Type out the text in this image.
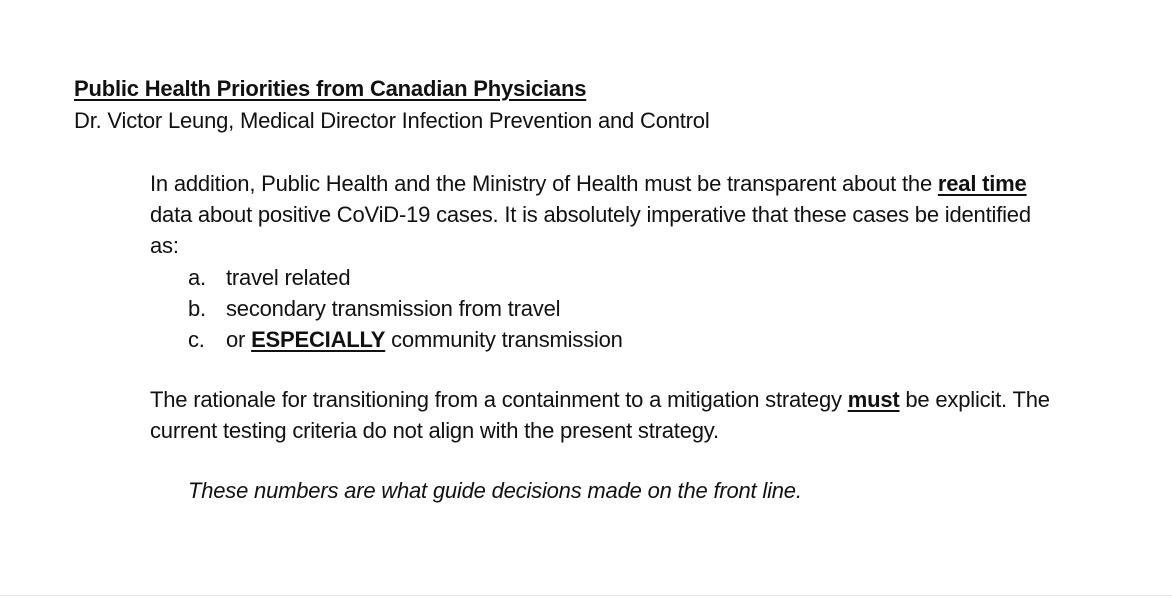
Public Health Priorities from Canadian Physicians
Dr. Victor Leung, Medical Director Infection Prevention and Control

In addition, Public Health and the Ministry of Health must be transparent about the real time data about positive CoViD-19 cases. It is absolutely imperative that these cases be identified as:

a. travel related
b. secondary transmission from travel
c. or ESPECIALLY community transmission

The rationale for transitioning from a containment to a mitigation strategy must be explicit. The current testing criteria do not align with the present strategy.

These numbers are what guide decisions made on the front line.
